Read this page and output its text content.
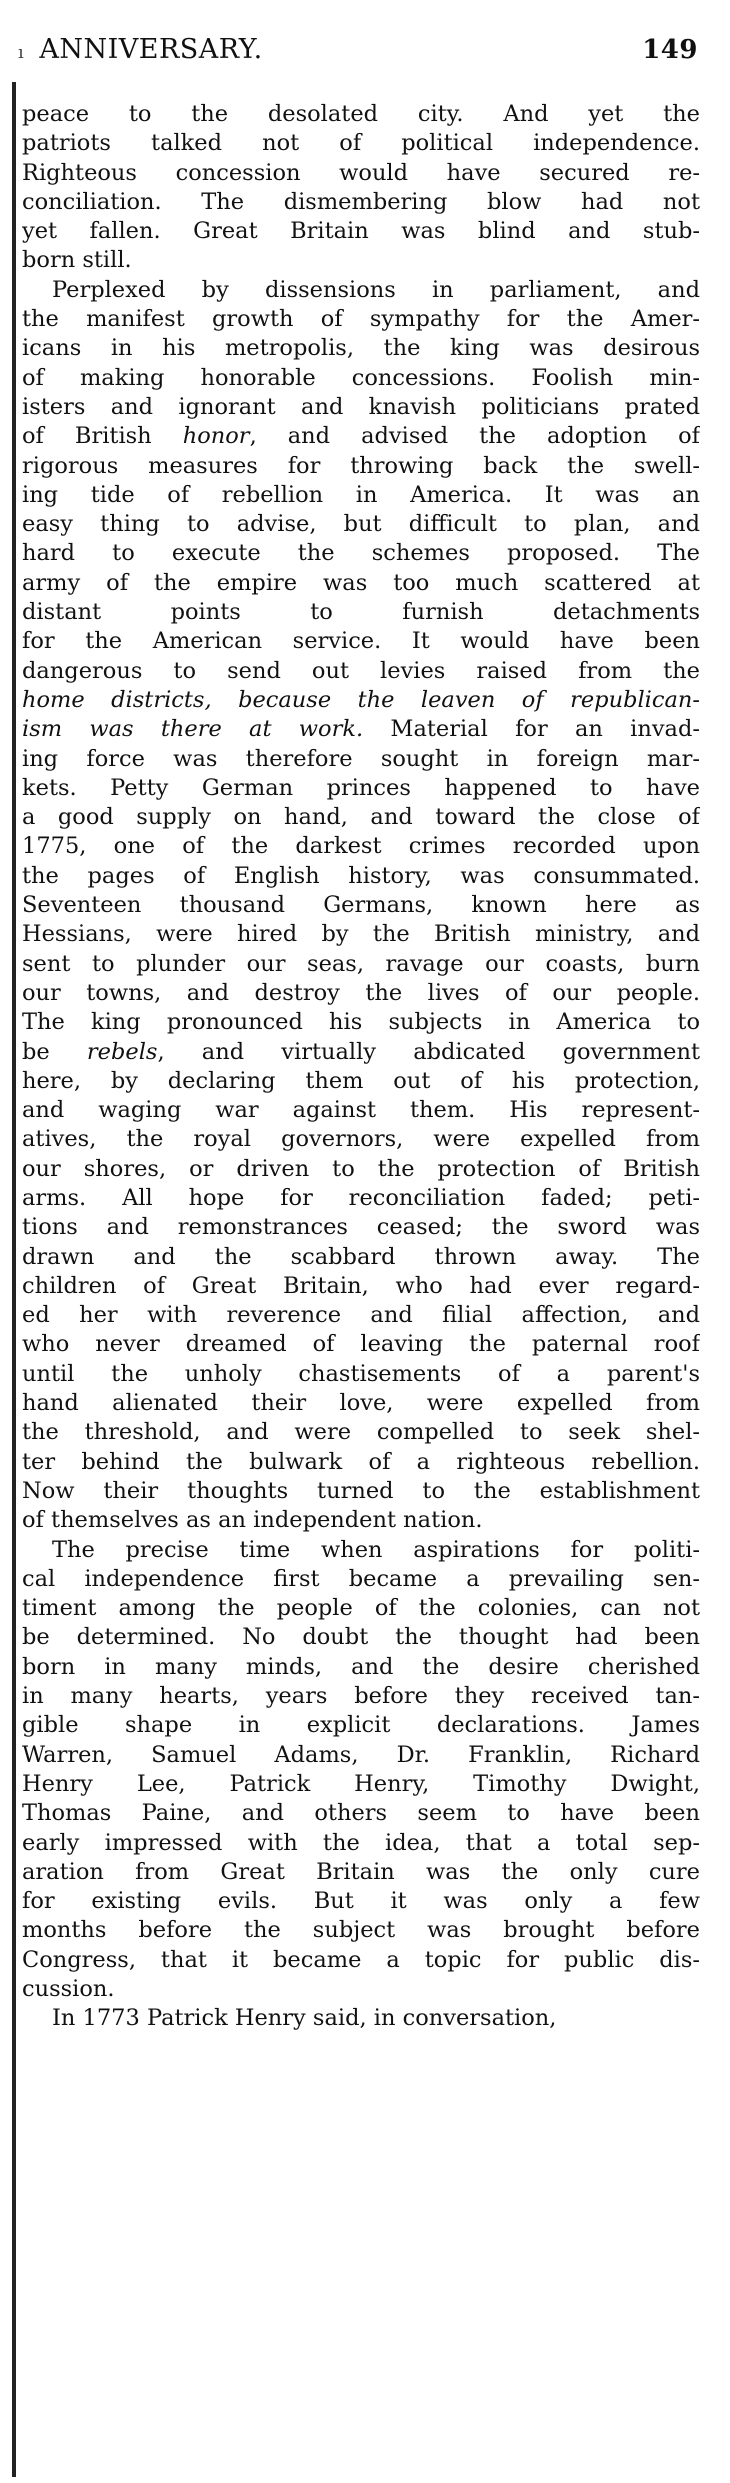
ı ANNIVERSARY.	149
peace to the desolated city. And yet the
patriots talked not of political independence.
Righteous concession would have secured re-
conciliation. The dismembering blow had not
yet fallen. Great Britain was blind and stub-
born still.
Perplexed by dissensions in parliament, and
the manifest growth of sympathy for the Amer-
icans in his metropolis, the king was desirous
of making honorable concessions. Foolish min-
isters and ignorant and knavish politicians prated
of British honor, and advised the adoption of
rigorous measures for throwing back the swell-
ing tide of rebellion in America. It was an
easy thing to advise, but difficult to plan, and
hard to execute the schemes proposed. The
army of the empire was too much scattered at
distant points to furnish detachments
for the American service. It would have been
dangerous to send out levies raised from the
home districts, because the leaven of republican-
ism was there at work. Material for an invad-
ing force was therefore sought in foreign mar-
kets. Petty German princes happened to have
a good supply on hand, and toward the close of
1775, one of the darkest crimes recorded upon
the pages of English history, was consummated.
Seventeen thousand Germans, known here as
Hessians, were hired by the British ministry, and
sent to plunder our seas, ravage our coasts, burn
our towns, and destroy the lives of our people.
The king pronounced his subjects in America to
be rebels, and virtually abdicated government
here, by declaring them out of his protection,
and waging war against them. His represent-
atives, the royal governors, were expelled from
our shores, or driven to the protection of British
arms. All hope for reconciliation faded; peti-
tions and remonstrances ceased; the sword was
drawn and the scabbard thrown away. The
children of Great Britain, who had ever regard-
ed her with reverence and filial affection, and
who never dreamed of leaving the paternal roof
until the unholy chastisements of a parent's
hand alienated their love, were expelled from
the threshold, and were compelled to seek shel-
ter behind the bulwark of a righteous rebellion.
Now their thoughts turned to the establishment
of themselves as an independent nation.
The precise time when aspirations for politi-
cal independence first became a prevailing sen-
timent among the people of the colonies, can not
be determined. No doubt the thought had been
born in many minds, and the desire cherished
in many hearts, years before they received tan-
gible shape in explicit declarations. James
Warren, Samuel Adams, Dr. Franklin, Richard
Henry Lee, Patrick Henry, Timothy Dwight,
Thomas Paine, and others seem to have been
early impressed with the idea, that a total sep-
aration from Great Britain was the only cure
for existing evils. But it was only a few
months before the subject was brought before
Congress, that it became a topic for public dis-
cussion.
In 1773 Patrick Henry said, in conversation,
